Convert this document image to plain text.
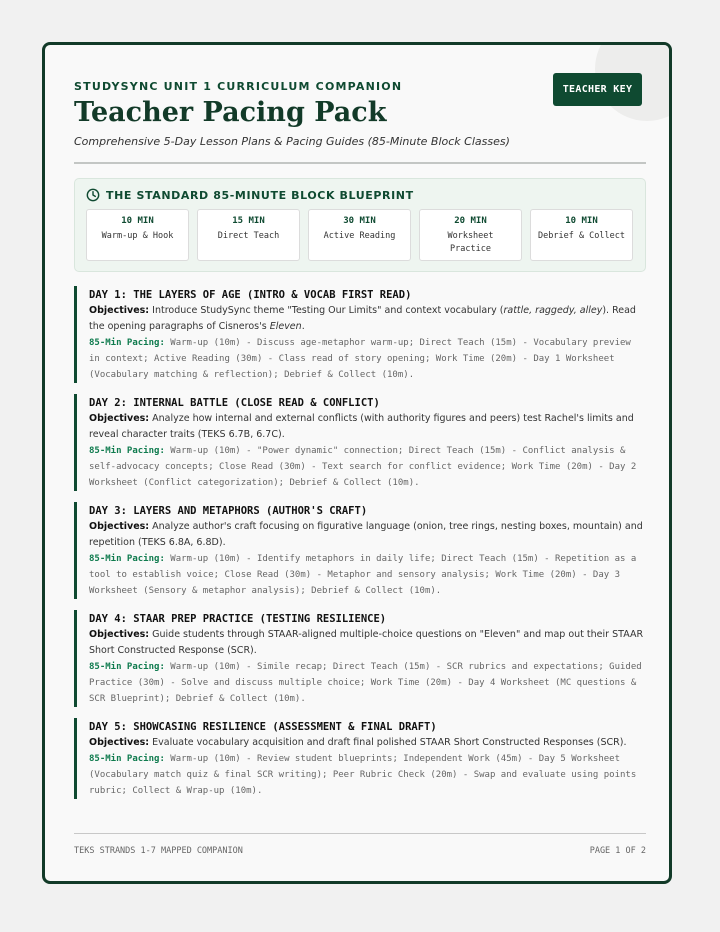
TEACHER KEY
STUDYSYNC UNIT 1 CURRICULUM COMPANION
Teacher Pacing Pack
Comprehensive 5-Day Lesson Plans & Pacing Guides (85-Minute Block Classes)
THE STANDARD 85-MINUTE BLOCK BLUEPRINT
10 MIN
Warm-up & Hook
15 MIN
Direct Teach
30 MIN
Active Reading
20 MIN
Worksheet Practice
10 MIN
Debrief & Collect
DAY 1: THE LAYERS OF AGE (INTRO & VOCAB FIRST READ)
Objectives: Introduce StudySync theme "Testing Our Limits" and context vocabulary (rattle, raggedy, alley). Read the opening paragraphs of Cisneros's Eleven.
85-Min Pacing: Warm-up (10m) - Discuss age-metaphor warm-up; Direct Teach (15m) - Vocabulary preview in context; Active Reading (30m) - Class read of story opening; Work Time (20m) - Day 1 Worksheet (Vocabulary matching & reflection); Debrief & Collect (10m).
DAY 2: INTERNAL BATTLE (CLOSE READ & CONFLICT)
Objectives: Analyze how internal and external conflicts (with authority figures and peers) test Rachel's limits and reveal character traits (TEKS 6.7B, 6.7C).
85-Min Pacing: Warm-up (10m) - "Power dynamic" connection; Direct Teach (15m) - Conflict analysis & self-advocacy concepts; Close Read (30m) - Text search for conflict evidence; Work Time (20m) - Day 2 Worksheet (Conflict categorization); Debrief & Collect (10m).
DAY 3: LAYERS AND METAPHORS (AUTHOR'S CRAFT)
Objectives: Analyze author's craft focusing on figurative language (onion, tree rings, nesting boxes, mountain) and repetition (TEKS 6.8A, 6.8D).
85-Min Pacing: Warm-up (10m) - Identify metaphors in daily life; Direct Teach (15m) - Repetition as a tool to establish voice; Close Read (30m) - Metaphor and sensory analysis; Work Time (20m) - Day 3 Worksheet (Sensory & metaphor analysis); Debrief & Collect (10m).
DAY 4: STAAR PREP PRACTICE (TESTING RESILIENCE)
Objectives: Guide students through STAAR-aligned multiple-choice questions on "Eleven" and map out their STAAR Short Constructed Response (SCR).
85-Min Pacing: Warm-up (10m) - Simile recap; Direct Teach (15m) - SCR rubrics and expectations; Guided Practice (30m) - Solve and discuss multiple choice; Work Time (20m) - Day 4 Worksheet (MC questions & SCR Blueprint); Debrief & Collect (10m).
DAY 5: SHOWCASING RESILIENCE (ASSESSMENT & FINAL DRAFT)
Objectives: Evaluate vocabulary acquisition and draft final polished STAAR Short Constructed Responses (SCR).
85-Min Pacing: Warm-up (10m) - Review student blueprints; Independent Work (45m) - Day 5 Worksheet (Vocabulary match quiz & final SCR writing); Peer Rubric Check (20m) - Swap and evaluate using points rubric; Collect & Wrap-up (10m).
TEKS STRANDS 1-7 MAPPED COMPANION	PAGE 1 OF 2
